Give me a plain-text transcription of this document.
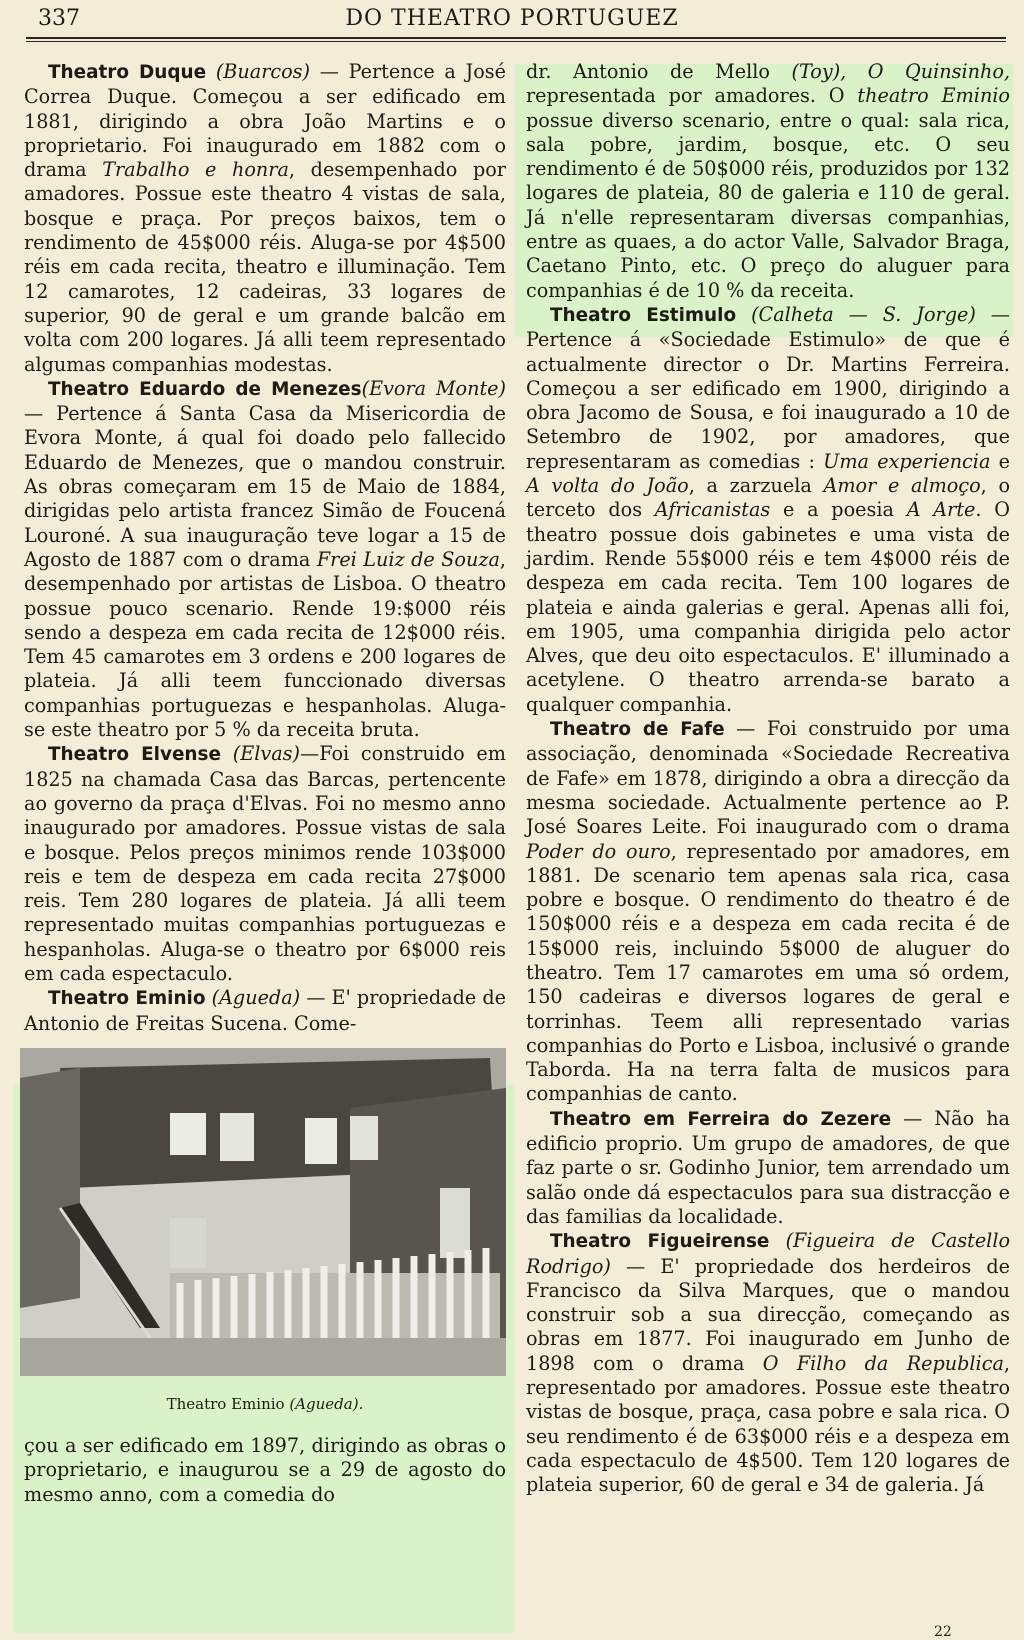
337	DO THEATRO PORTUGUEZ

Theatro Duque (Buarcos) — Pertence a José Correa Duque. Começou a ser edificado em 1881, dirigindo a obra João Martins e o proprietario. Foi inaugurado em 1882 com o drama Trabalho e honra, desempenhado por amadores. Possue este theatro 4 vistas de sala, bosque e praça. Por preços baixos, tem o rendimento de 45$000 réis. Aluga-se por 4$500 réis em cada recita, theatro e illuminação. Tem 12 camarotes, 12 cadeiras, 33 logares de superior, 90 de geral e um grande balcão em volta com 200 logares. Já alli teem representado algumas companhias modestas.

Theatro Eduardo de Menezes(Evora Monte) — Pertence á Santa Casa da Misericordia de Evora Monte, á qual foi doado pelo fallecido Eduardo de Menezes, que o mandou construir. As obras começaram em 15 de Maio de 1884, dirigidas pelo artista francez Simão de Foucená Louroné. A sua inauguração teve logar a 15 de Agosto de 1887 com o drama Frei Luiz de Souza, desempenhado por artistas de Lisboa. O theatro possue pouco scenario. Rende 19:$000 réis sendo a despeza em cada recita de 12$000 réis. Tem 45 camarotes em 3 ordens e 200 logares de plateia. Já alli teem funccionado diversas companhias portuguezas e hespanholas. Aluga-se este theatro por 5 % da receita bruta.

Theatro Elvense (Elvas)—Foi construido em 1825 na chamada Casa das Barcas, pertencente ao governo da praça d'Elvas. Foi no mesmo anno inaugurado por amadores. Possue vistas de sala e bosque. Pelos preços minimos rende 103$000 reis e tem de despeza em cada recita 27$000 reis. Tem 280 logares de plateia. Já alli teem representado muitas companhias portuguezas e hespanholas. Aluga-se o theatro por 6$000 reis em cada espectaculo.

Theatro Eminio (Agueda) — E' propriedade de Antonio de Freitas Sucena. Come-

Theatro Eminio (Agueda).

çou a ser edificado em 1897, dirigindo as obras o proprietario, e inaugurou se a 29 de agosto do mesmo anno, com a comedia do

dr. Antonio de Mello (Toy), O Quinsinho, representada por amadores. O theatro Eminio possue diverso scenario, entre o qual: sala rica, sala pobre, jardim, bosque, etc. O seu rendimento é de 50$000 réis, produzidos por 132 logares de plateia, 80 de galeria e 110 de geral. Já n'elle representaram diversas companhias, entre as quaes, a do actor Valle, Salvador Braga, Caetano Pinto, etc. O preço do aluguer para companhias é de 10 % da receita.

Theatro Estimulo (Calheta — S. Jorge) — Pertence á «Sociedade Estimulo» de que é actualmente director o Dr. Martins Ferreira. Começou a ser edificado em 1900, dirigindo a obra Jacomo de Sousa, e foi inaugurado a 10 de Setembro de 1902, por amadores, que representaram as comedias : Uma experiencia e A volta do João, a zarzuela Amor e almoço, o terceto dos Africanistas e a poesia A Arte. O theatro possue dois gabinetes e uma vista de jardim. Rende 55$000 réis e tem 4$000 réis de despeza em cada recita. Tem 100 logares de plateia e ainda galerias e geral. Apenas alli foi, em 1905, uma companhia dirigida pelo actor Alves, que deu oito espectaculos. E' illuminado a acetylene. O theatro arrenda-se barato a qualquer companhia.

Theatro de Fafe — Foi construido por uma associação, denominada «Sociedade Recreativa de Fafe» em 1878, dirigindo a obra a direcção da mesma sociedade. Actualmente pertence ao P. José Soares Leite. Foi inaugurado com o drama Poder do ouro, representado por amadores, em 1881. De scenario tem apenas sala rica, casa pobre e bosque. O rendimento do theatro é de 150$000 réis e a despeza em cada recita é de 15$000 reis, incluindo 5$000 de aluguer do theatro. Tem 17 camarotes em uma só ordem, 150 cadeiras e diversos logares de geral e torrinhas. Teem alli representado varias companhias do Porto e Lisboa, inclusivé o grande Taborda. Ha na terra falta de musicos para companhias de canto.

Theatro em Ferreira do Zezere — Não ha edificio proprio. Um grupo de amadores, de que faz parte o sr. Godinho Junior, tem arrendado um salão onde dá espectaculos para sua distracção e das familias da localidade.

Theatro Figueirense (Figueira de Castello Rodrigo) — E' propriedade dos herdeiros de Francisco da Silva Marques, que o mandou construir sob a sua direcção, começando as obras em 1877. Foi inaugurado em Junho de 1898 com o drama O Filho da Republica, representado por amadores. Possue este theatro vistas de bosque, praça, casa pobre e sala rica. O seu rendimento é de 63$000 réis e a despeza em cada espectaculo de 4$500. Tem 120 logares de plateia superior, 60 de geral e 34 de galeria. Já

22
